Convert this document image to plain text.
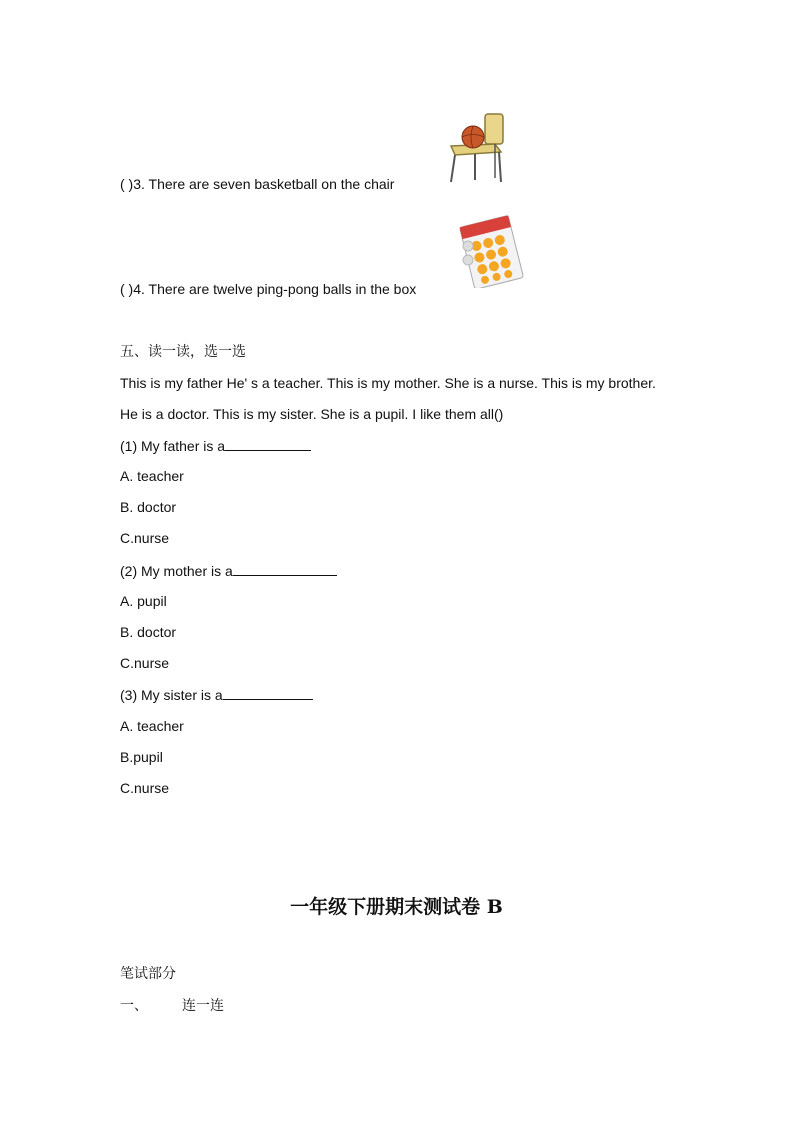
( )3. There are seven basketball on the chair
( )4. There are twelve ping-pong balls in the box
五、读一读，选一选
This is my father He' s a teacher. This is my mother. She is a nurse. This is my brother.
He is a doctor. This is my sister. She is a pupil. I like them all()
(1) My father is a
A. teacher
B. doctor
C.nurse
(2) My mother is a
A. pupil
B. doctor
C.nurse
(3) My sister is a
A. teacher
B.pupil
C.nurse
一年级下册期末测试卷 B
笔试部分
一、 连一连
